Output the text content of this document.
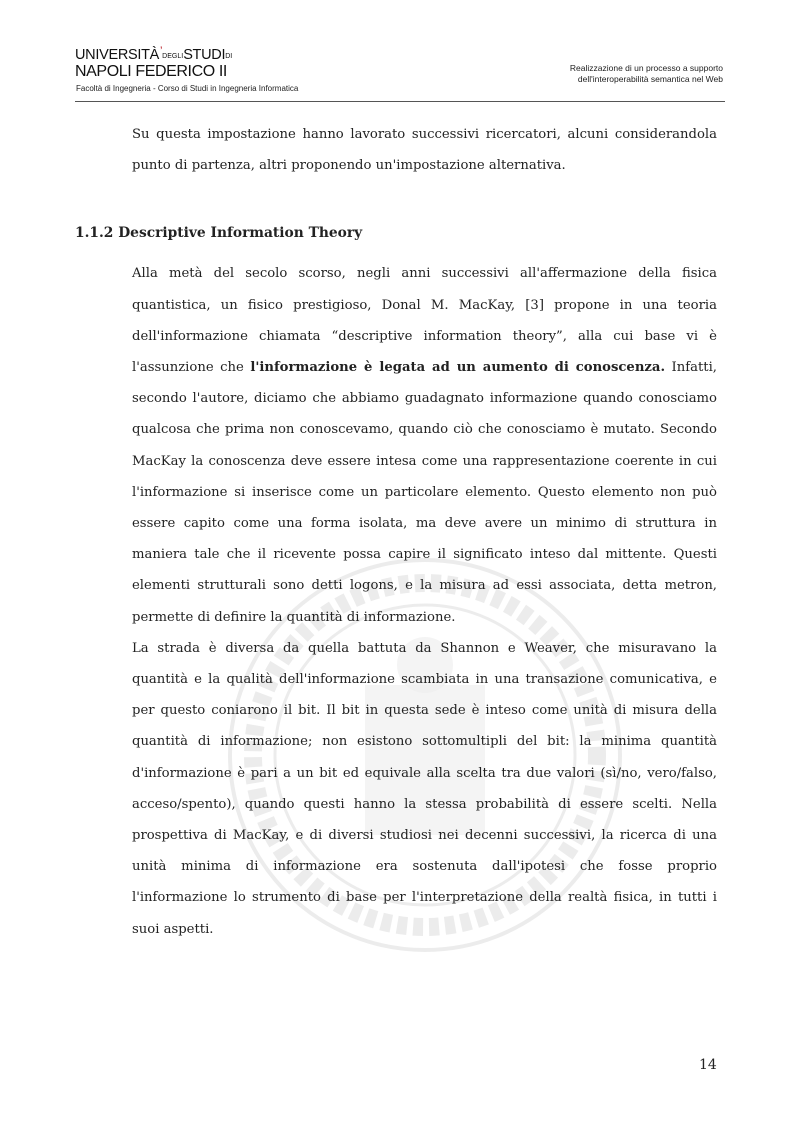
UNIVERSITÀ’DEGLISTUDIDI
NAPOLI FEDERICO II
Facoltà di Ingegneria - Corso di Studi in Ingegneria Informatica
Realizzazione di un processo a supporto
dell'interoperabilità semantica nel Web

Su questa impostazione hanno lavorato successivi ricercatori, alcuni considerandola punto di partenza, altri proponendo un'impostazione alternativa.

1.1.2 Descriptive Information Theory

Alla metà del secolo scorso, negli anni successivi all'affermazione della fisica quantistica, un fisico prestigioso, Donal M. MacKay, [3] propone in una teoria dell'informazione chiamata “descriptive information theory”, alla cui base vi è l'assunzione che l'informazione è legata ad un aumento di conoscenza. Infatti, secondo l'autore, diciamo che abbiamo guadagnato informazione quando conosciamo qualcosa che prima non conoscevamo, quando ciò che conosciamo è mutato. Secondo MacKay la conoscenza deve essere intesa come una rappresentazione coerente in cui l'informazione si inserisce come un particolare elemento. Questo elemento non può essere capito come una forma isolata, ma deve avere un minimo di struttura in maniera tale che il ricevente possa capire il significato inteso dal mittente. Questi elementi strutturali sono detti logons, e la misura ad essi associata, detta metron, permette di definire la quantità di informazione.

La strada è diversa da quella battuta da Shannon e Weaver, che misuravano la quantità e la qualità dell'informazione scambiata in una transazione comunicativa, e per questo coniarono il bit. Il bit in questa sede è inteso come unità di misura della quantità di informazione; non esistono sottomultipli del bit: la minima quantità d'informazione è pari a un bit ed equivale alla scelta tra due valori (sì/no, vero/falso, acceso/spento), quando questi hanno la stessa probabilità di essere scelti. Nella prospettiva di MacKay, e di diversi studiosi nei decenni successivi, la ricerca di una unità minima di informazione era sostenuta dall'ipotesi che fosse proprio l'informazione lo strumento di base per l'interpretazione della realtà fisica, in tutti i suoi aspetti.

14
